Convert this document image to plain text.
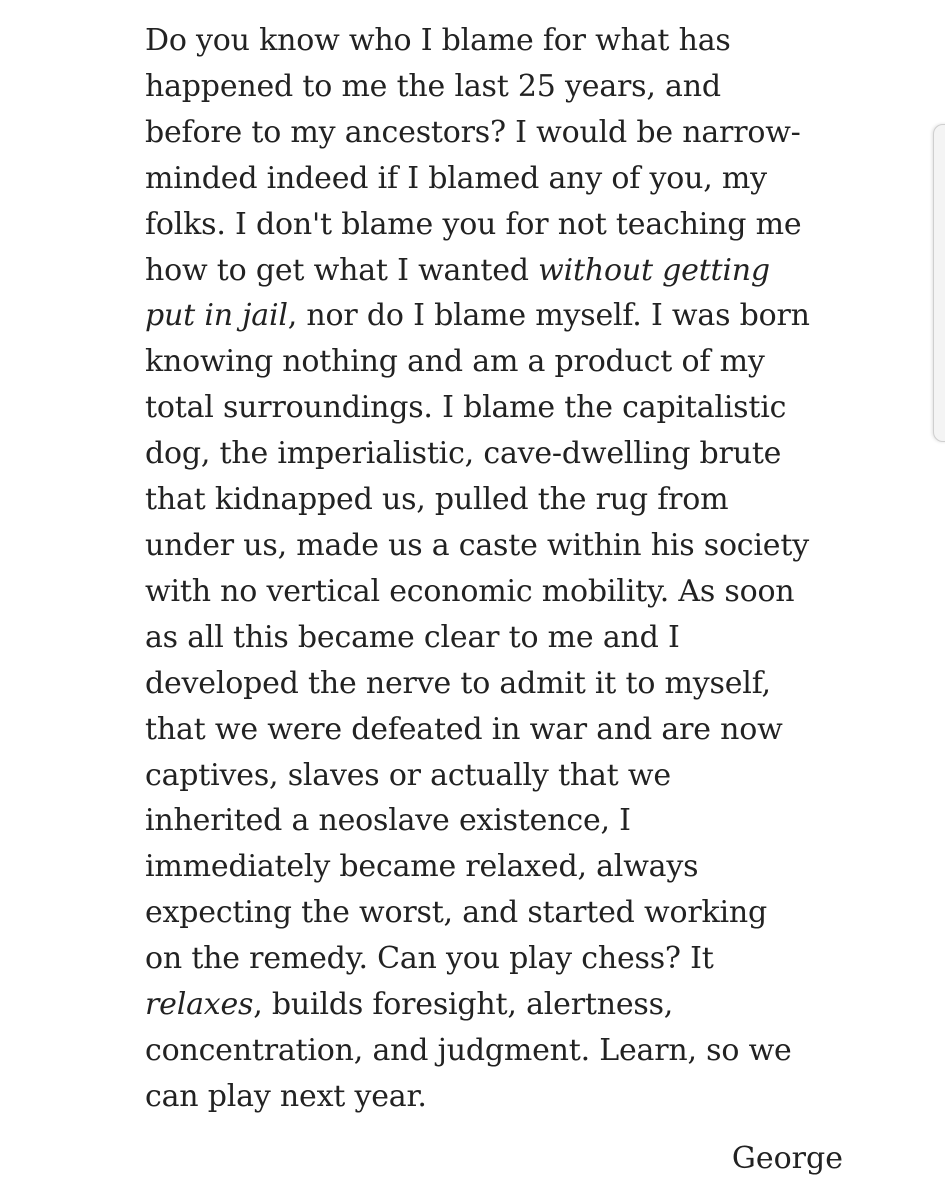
Do you know who I blame for what has
happened to me the last 25 years, and
before to my ancestors? I would be narrow-
minded indeed if I blamed any of you, my
folks. I don't blame you for not teaching me
how to get what I wanted without getting
put in jail, nor do I blame myself. I was born
knowing nothing and am a product of my
total surroundings. I blame the capitalistic
dog, the imperialistic, cave-dwelling brute
that kidnapped us, pulled the rug from
under us, made us a caste within his society
with no vertical economic mobility. As soon
as all this became clear to me and I
developed the nerve to admit it to myself,
that we were defeated in war and are now
captives, slaves or actually that we
inherited a neoslave existence, I
immediately became relaxed, always
expecting the worst, and started working
on the remedy. Can you play chess? It
relaxes, builds foresight, alertness,
concentration, and judgment. Learn, so we
can play next year.
George
